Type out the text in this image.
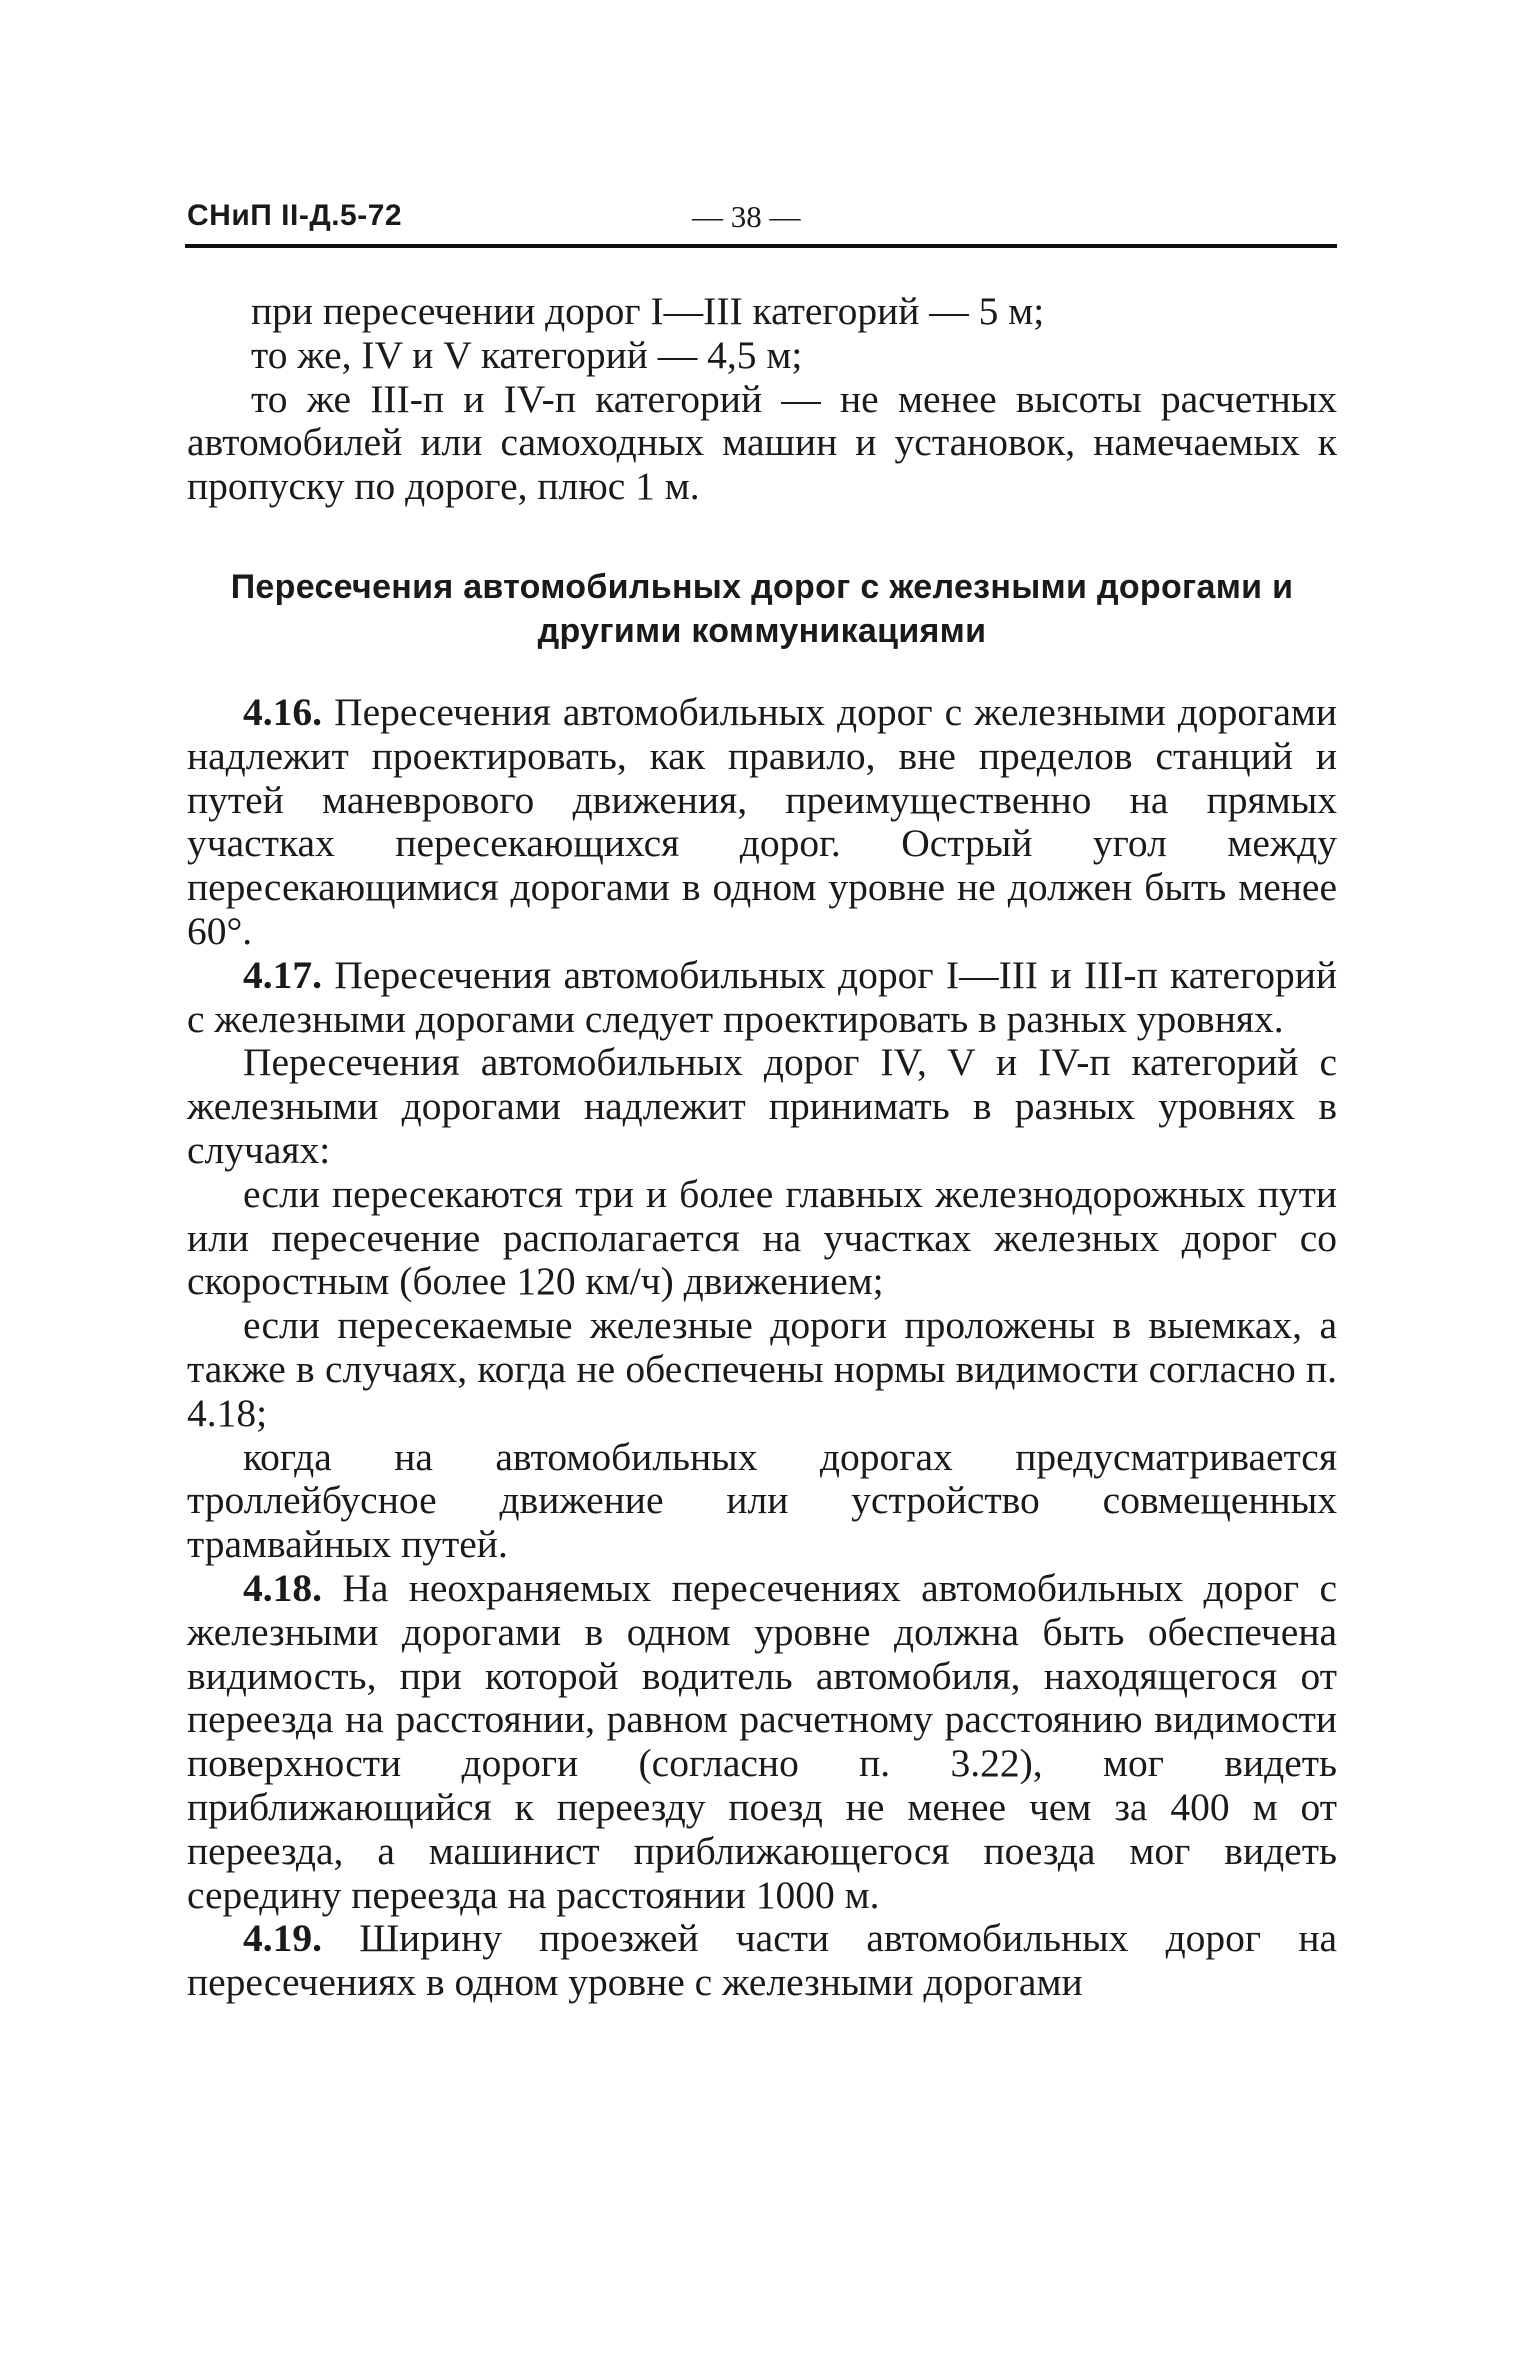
СНиП II-Д.5-72	— 38 —

при пересечении дорог I—III категорий — 5 м;

то же, IV и V категорий — 4,5 м;

то же III-п и IV-п категорий — не менее высоты расчетных автомобилей или самоходных машин и установок, намечаемых к пропуску по дороге, плюс 1 м.

Пересечения автомобильных дорог с железными дорогами и другими коммуникациями

4.16. Пересечения автомобильных дорог с железными дорогами надлежит проектировать, как правило, вне пределов станций и путей маневрового движения, преимущественно на прямых участках пересекающихся дорог. Острый угол между пересекающимися дорогами в одном уровне не должен быть менее 60°.

4.17. Пересечения автомобильных дорог I—III и III-п категорий с железными дорогами следует проектировать в разных уровнях.

Пересечения автомобильных дорог IV, V и IV-п категорий с железными дорогами надлежит принимать в разных уровнях в случаях:

если пересекаются три и более главных железнодорожных пути или пересечение располагается на участках железных дорог со скоростным (более 120 км/ч) движением;

если пересекаемые железные дороги проложены в выемках, а также в случаях, когда не обеспечены нормы видимости согласно п. 4.18;

когда на автомобильных дорогах предусматривается троллейбусное движение или устройство совмещенных трамвайных путей.

4.18. На неохраняемых пересечениях автомобильных дорог с железными дорогами в одном уровне должна быть обеспечена видимость, при которой водитель автомобиля, находящегося от переезда на расстоянии, равном расчетному расстоянию видимости поверхности дороги (согласно п. 3.22), мог видеть приближающийся к переезду поезд не менее чем за 400 м от переезда, а машинист приближающегося поезда мог видеть середину переезда на расстоянии 1000 м.

4.19. Ширину проезжей части автомобильных дорог на пересечениях в одном уровне с железными дорогами
